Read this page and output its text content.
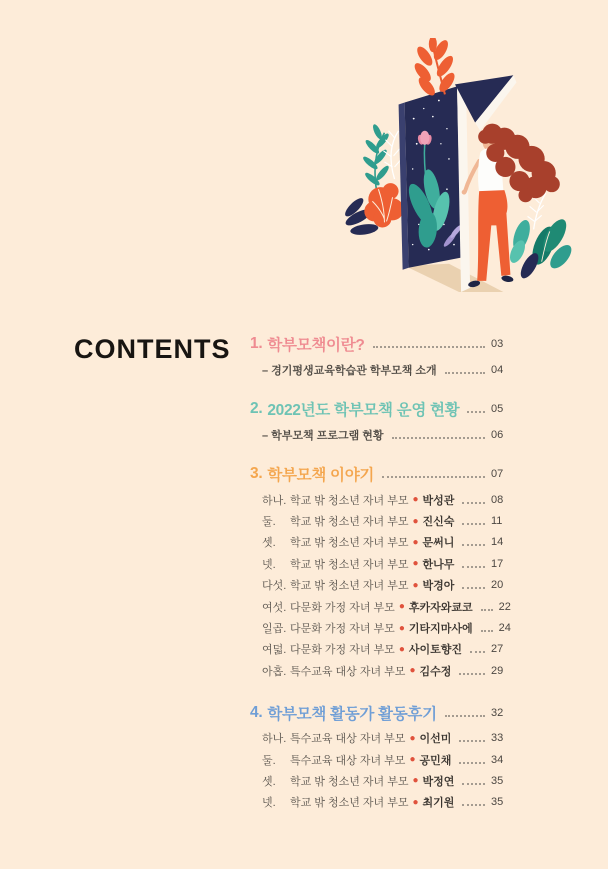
CONTENTS 1. 학부모책이란?	03
– 경기평생교육학습관 학부모책 소개	04
2. 2022년도 학부모책 운영 현황	05
– 학부모책 프로그램 현황	06
3. 학부모책 이야기	07
하나. 학교 밖 청소년 자녀 부모 ● 박성관	08
둘.	학교 밖 청소년 자녀 부모 ● 진신숙	11
셋.	학교 밖 청소년 자녀 부모 ● 문써니	14
넷.	학교 밖 청소년 자녀 부모 ● 한나무	17
다섯. 학교 밖 청소년 자녀 부모 ● 박경아	20
여섯. 다문화 가정 자녀 부모 ● 후카자와쿄코 22
일곱. 다문화 가정 자녀 부모 ● 기타지마사에 24
여덟. 다문화 가정 자녀 부모 ● 사이토향진	27
아홉. 특수교육 대상 자녀 부모 ● 김수정	29
4. 학부모책 활동가 활동후기	32
하나. 특수교육 대상 자녀 부모 ● 이선미	33
둘.	특수교육 대상 자녀 부모 ● 공민채	34
셋.	학교 밖 청소년 자녀 부모 ● 박정연	35
넷.	학교 밖 청소년 자녀 부모 ● 최기원	35
